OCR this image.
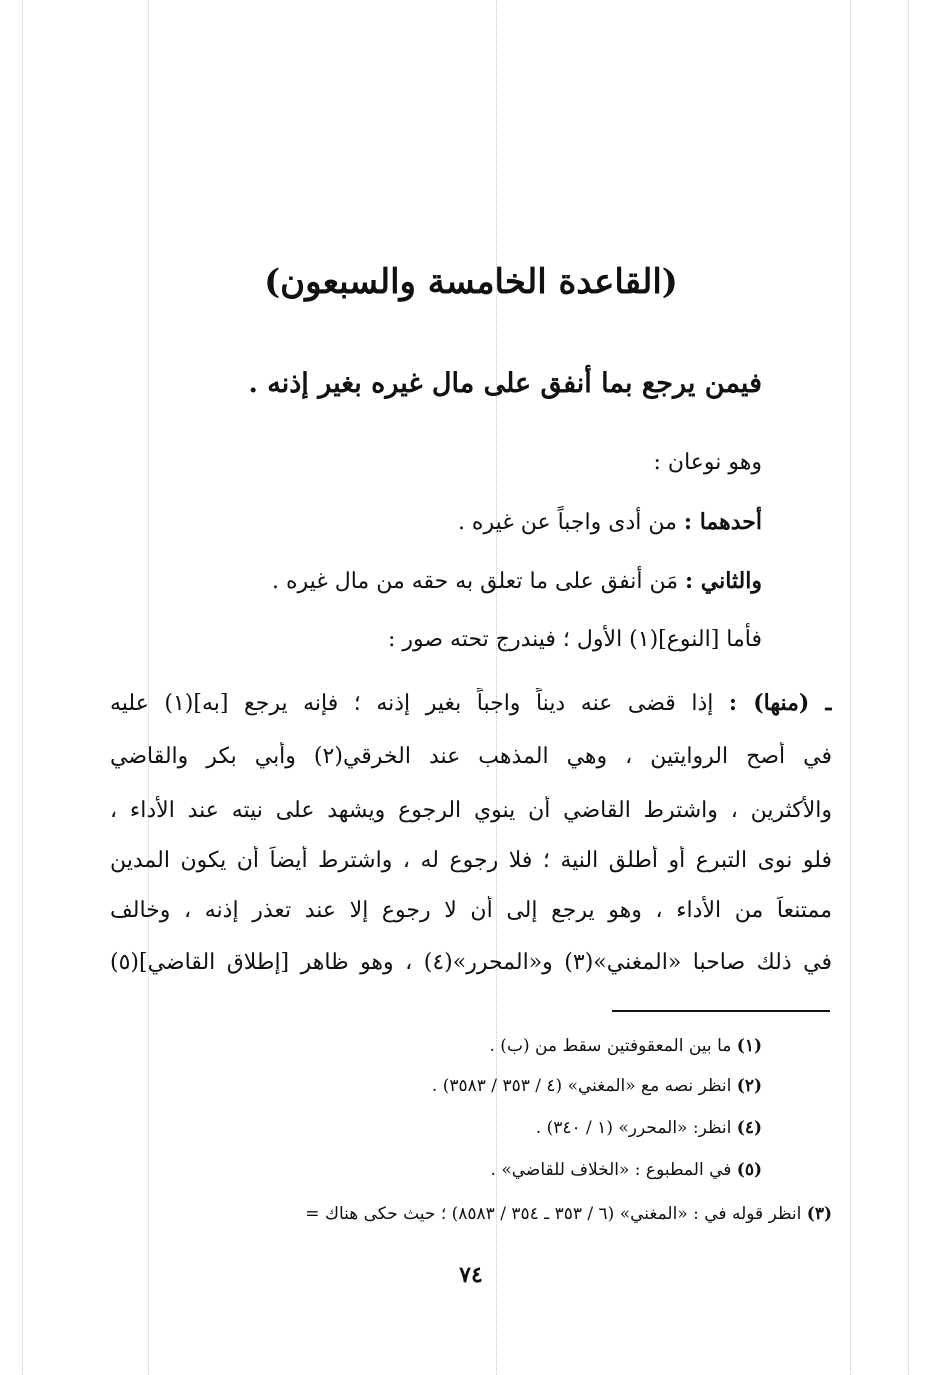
(القاعدة الخامسة والسبعون)
فيمن يرجع بما أنفق على مال غيره بغير إذنه .
وهو نوعان :
أحدهما : من أدى واجباً عن غيره .
والثاني : مَن أنفق على ما تعلق به حقه من مال غيره .
فأما [النوع](١) الأول ؛ فيندرج تحته صور :
ـ (منها) : إذا قضى عنه ديناً واجباً بغير إذنه ؛ فإنه يرجع [به](١) عليه
في أصح الروايتين ، وهي المذهب عند الخرقي(٢) وأبي بكر والقاضي
والأكثرين ، واشترط القاضي أن ينوي الرجوع ويشهد على نيته عند الأداء ،
فلو نوى التبرع أو أطلق النية ؛ فلا رجوع له ، واشترط أيضاً أن يكون المدين
ممتنعاً من الأداء ، وهو يرجع إلى أن لا رجوع إلا عند تعذر إذنه ، وخالف
في ذلك صاحبا «المغني»(٣) و«المحرر»(٤) ، وهو ظاهر [إطلاق القاضي](٥)
(١) ما بين المعقوفتين سقط من (ب) .
(٢) انظر نصه مع «المغني» (٤ / ٣٥٣ / ٣٥٨٣) .
(٤) انظر: «المحرر» (١ / ٣٤٠) .
(٥) في المطبوع : «الخلاف للقاضي» .
(٣) انظر قوله في : «المغني» (٦ / ٣٥٣ ـ ٣٥٤ / ٨٥٨٣) ؛ حيث حكى هناك =
٧٤
